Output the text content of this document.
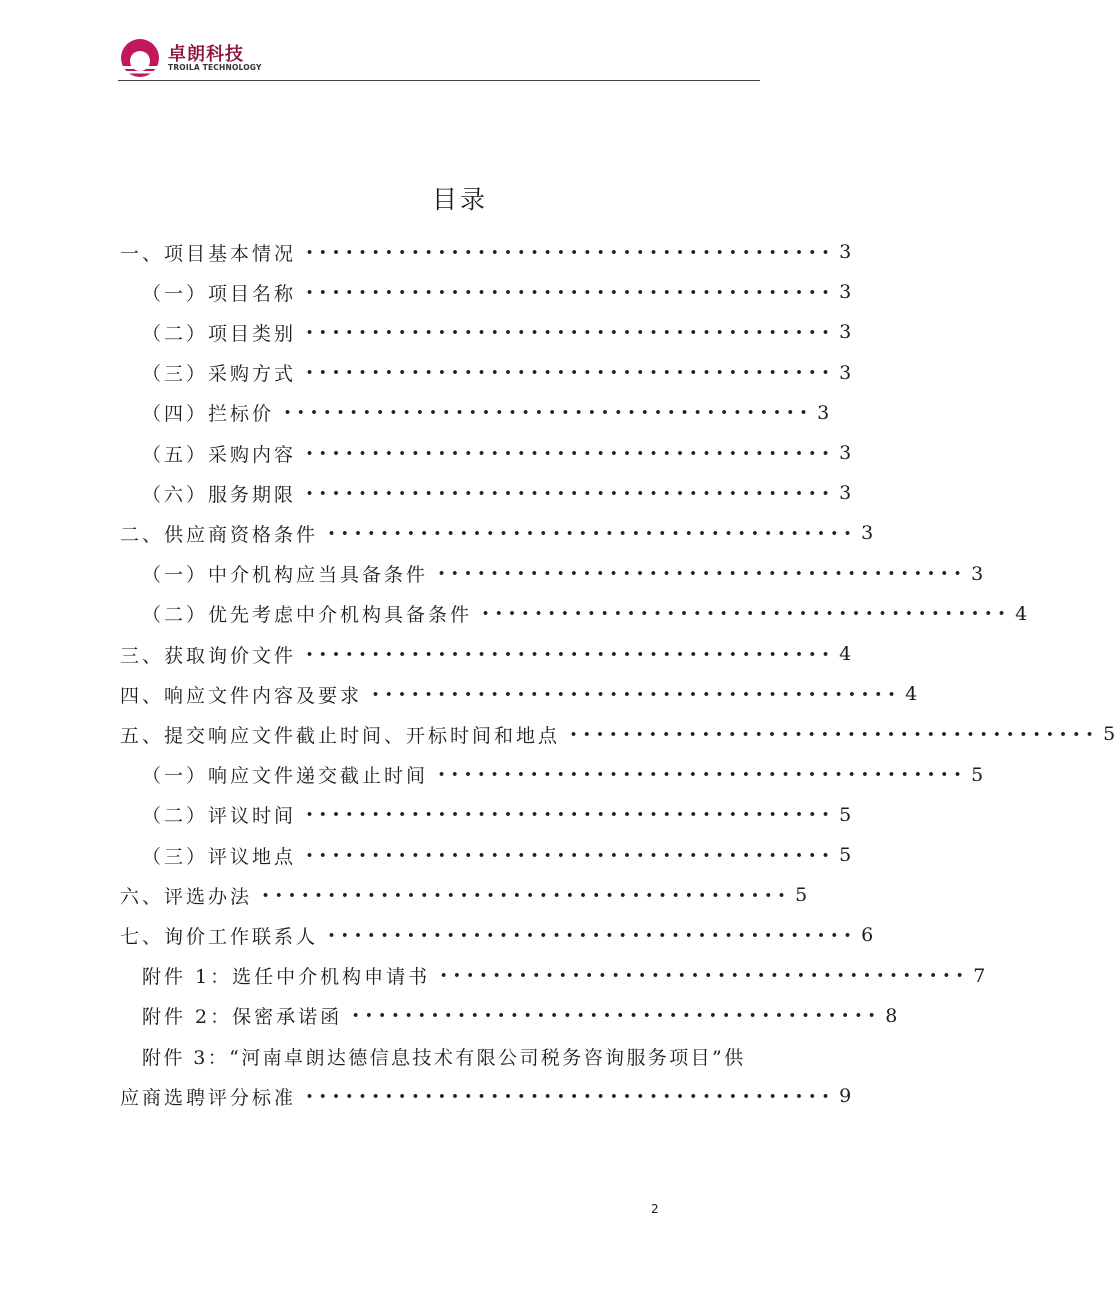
卓朗科技
TROILA TECHNOLOGY
目录
一、项目基本情况 •••••••••••••••••••••••••••••••••••••••• 3
（一）项目名称 •••••••••••••••••••••••••••••••••••••••• 3
（二）项目类别 •••••••••••••••••••••••••••••••••••••••• 3
（三）采购方式 •••••••••••••••••••••••••••••••••••••••• 3
（四）拦标价 •••••••••••••••••••••••••••••••••••••••• 3
（五）采购内容 •••••••••••••••••••••••••••••••••••••••• 3
（六）服务期限 •••••••••••••••••••••••••••••••••••••••• 3
二、供应商资格条件 •••••••••••••••••••••••••••••••••••••••• 3
（一）中介机构应当具备条件 •••••••••••••••••••••••••••••••••••••••• 3
（二）优先考虑中介机构具备条件 •••••••••••••••••••••••••••••••••••••••• 4
三、获取询价文件 •••••••••••••••••••••••••••••••••••••••• 4
四、响应文件内容及要求 •••••••••••••••••••••••••••••••••••••••• 4
五、提交响应文件截止时间、开标时间和地点 •••••••••••••••••••••••••••••••••••••••• 5
（一）响应文件递交截止时间 •••••••••••••••••••••••••••••••••••••••• 5
（二）评议时间 •••••••••••••••••••••••••••••••••••••••• 5
（三）评议地点 •••••••••••••••••••••••••••••••••••••••• 5
六、评选办法 •••••••••••••••••••••••••••••••••••••••• 5
七、询价工作联系人 •••••••••••••••••••••••••••••••••••••••• 6
附件 1：选任中介机构申请书 •••••••••••••••••••••••••••••••••••••••• 7
附件 2：保密承诺函 •••••••••••••••••••••••••••••••••••••••• 8
附件 3：“河南卓朗达德信息技术有限公司税务咨询服务项目”供
应商选聘评分标准 •••••••••••••••••••••••••••••••••••••••• 9
2
